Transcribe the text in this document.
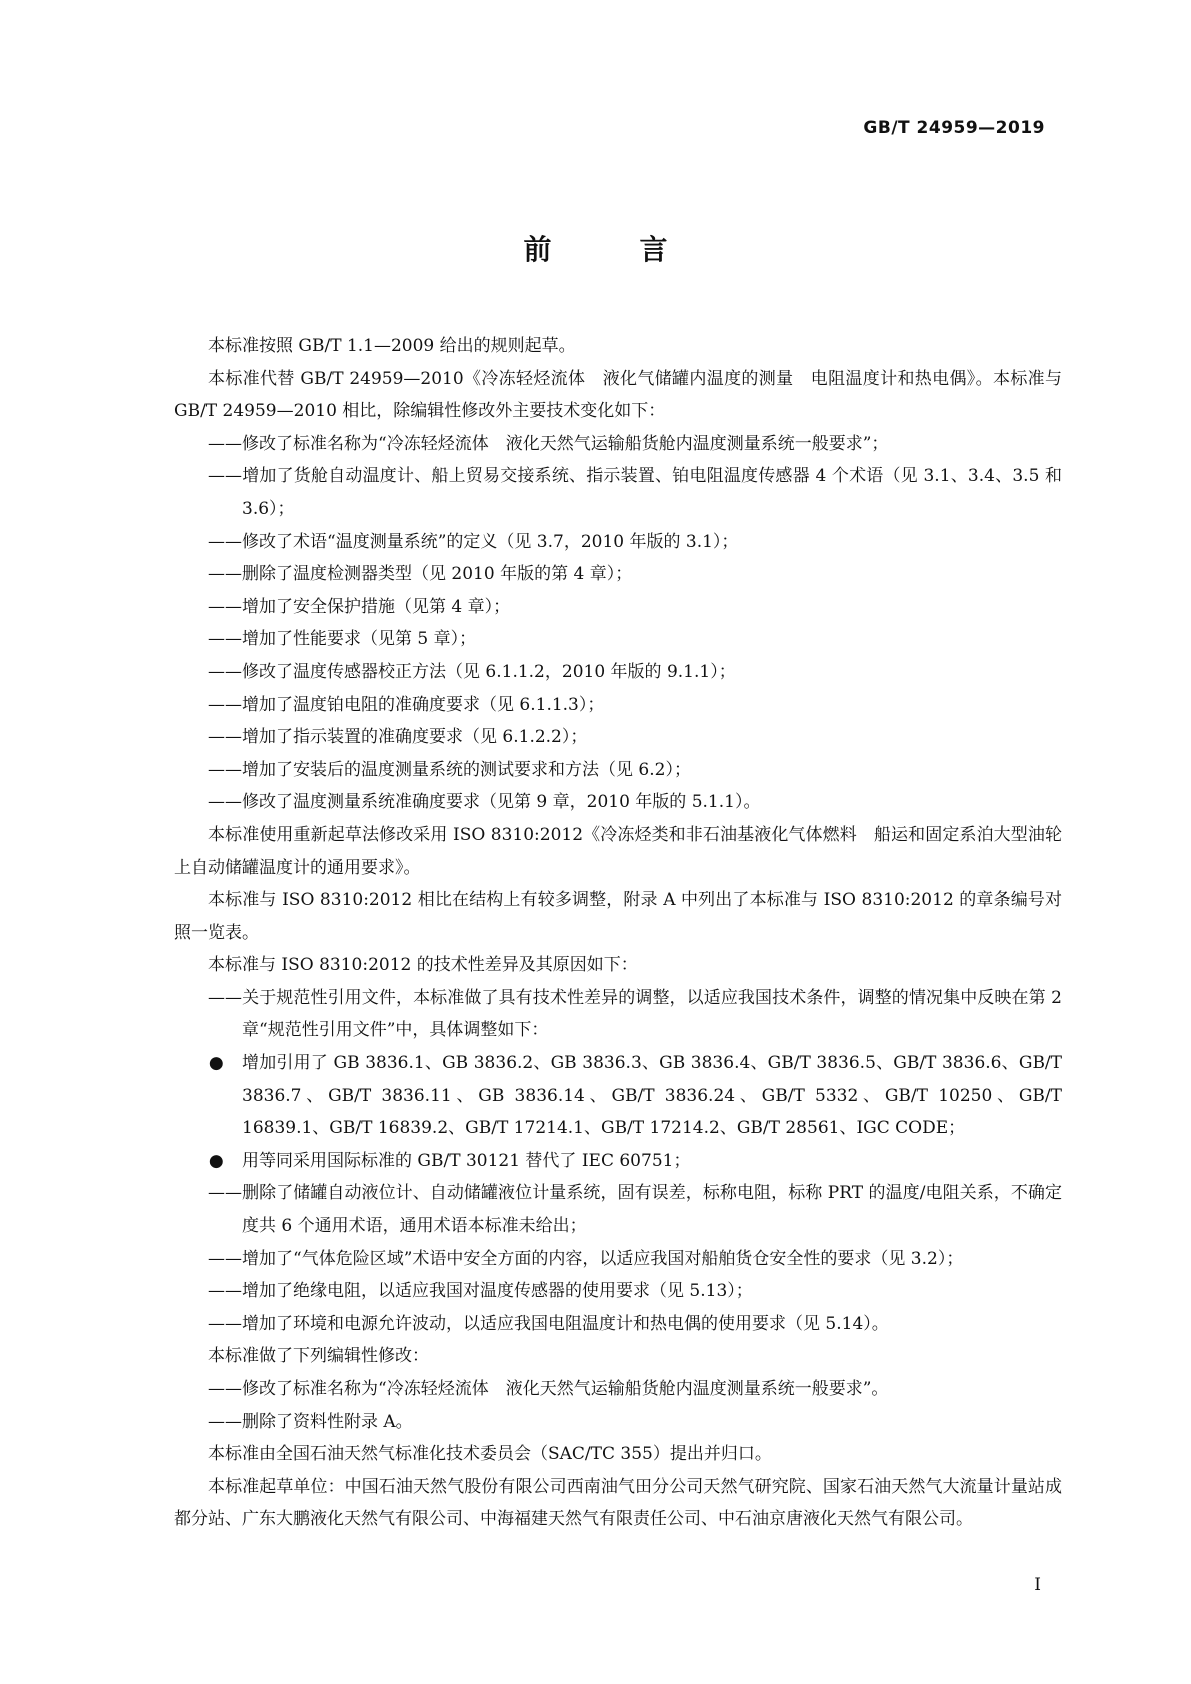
GB/T 24959—2019
前　言

本标准按照 GB/T 1.1—2009 给出的规则起草。

本标准代替 GB/T 24959—2010《冷冻轻烃流体　液化气储罐内温度的测量　电阻温度计和热电偶》。本标准与 GB/T 24959—2010 相比，除编辑性修改外主要技术变化如下：

——修改了标准名称为“冷冻轻烃流体　液化天然气运输船货舱内温度测量系统一般要求”；

——增加了货舱自动温度计、船上贸易交接系统、指示装置、铂电阻温度传感器 4 个术语（见 3.1、3.4、3.5 和 3.6）；

——修改了术语“温度测量系统”的定义（见 3.7，2010 年版的 3.1）；

——删除了温度检测器类型（见 2010 年版的第 4 章）；

——增加了安全保护措施（见第 4 章）；

——增加了性能要求（见第 5 章）；

——修改了温度传感器校正方法（见 6.1.1.2，2010 年版的 9.1.1）；

——增加了温度铂电阻的准确度要求（见 6.1.1.3）；

——增加了指示装置的准确度要求（见 6.1.2.2）；

——增加了安装后的温度测量系统的测试要求和方法（见 6.2）；

——修改了温度测量系统准确度要求（见第 9 章，2010 年版的 5.1.1）。

本标准使用重新起草法修改采用 ISO 8310:2012《冷冻烃类和非石油基液化气体燃料　船运和固定系泊大型油轮上自动储罐温度计的通用要求》。

本标准与 ISO 8310:2012 相比在结构上有较多调整，附录 A 中列出了本标准与 ISO 8310:2012 的章条编号对照一览表。

本标准与 ISO 8310:2012 的技术性差异及其原因如下：

——关于规范性引用文件，本标准做了具有技术性差异的调整，以适应我国技术条件，调整的情况集中反映在第 2 章“规范性引用文件”中，具体调整如下：

● 增加引用了 GB 3836.1、GB 3836.2、GB 3836.3、GB 3836.4、GB/T 3836.5、GB/T 3836.6、GB/T 3836.7、GB/T 3836.11、GB 3836.14、GB/T 3836.24、GB/T 5332、GB/T 10250、GB/T 16839.1、GB/T 16839.2、GB/T 17214.1、GB/T 17214.2、GB/T 28561、IGC CODE；

● 用等同采用国际标准的 GB/T 30121 替代了 IEC 60751；

——删除了储罐自动液位计、自动储罐液位计量系统，固有误差，标称电阻，标称 PRT 的温度/电阻关系，不确定度共 6 个通用术语，通用术语本标准未给出；

——增加了“气体危险区域”术语中安全方面的内容，以适应我国对船舶货仓安全性的要求（见 3.2）；

——增加了绝缘电阻，以适应我国对温度传感器的使用要求（见 5.13）；

——增加了环境和电源允许波动，以适应我国电阻温度计和热电偶的使用要求（见 5.14）。

本标准做了下列编辑性修改：

——修改了标准名称为“冷冻轻烃流体　液化天然气运输船货舱内温度测量系统一般要求”。

——删除了资料性附录 A。

本标准由全国石油天然气标准化技术委员会（SAC/TC 355）提出并归口。

本标准起草单位：中国石油天然气股份有限公司西南油气田分公司天然气研究院、国家石油天然气大流量计量站成都分站、广东大鹏液化天然气有限公司、中海福建天然气有限责任公司、中石油京唐液化天然气有限公司。

I
